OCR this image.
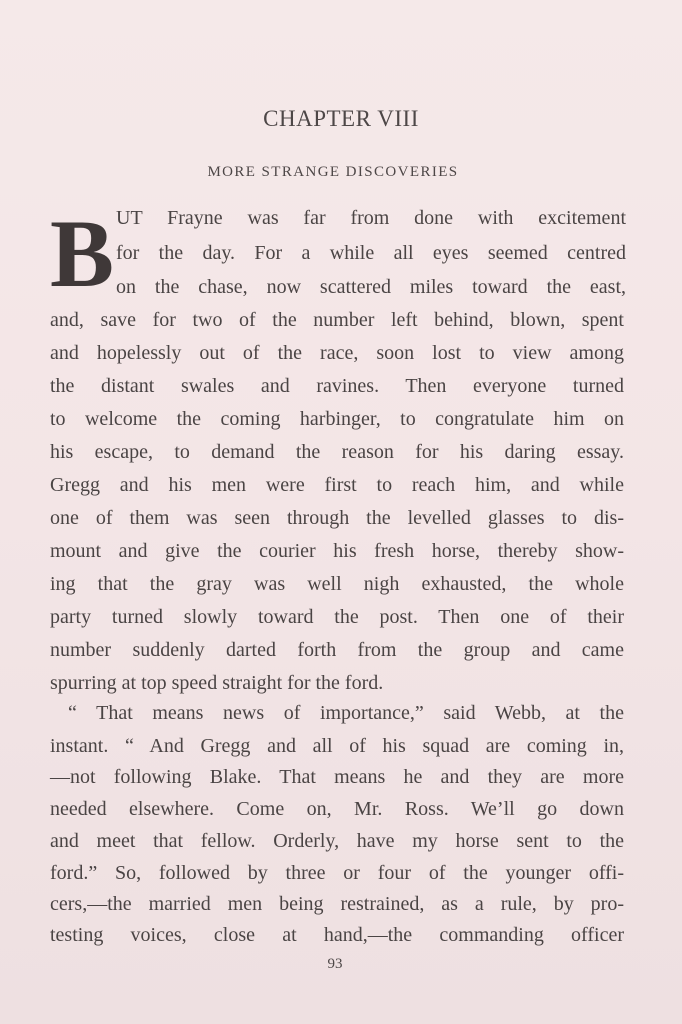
CHAPTER VIII
MORE STRANGE DISCOVERIES
B UT Frayne was far from done with excitement
for the day. For a while all eyes seemed centred
on the chase, now scattered miles toward the east,
and, save for two of the number left behind, blown, spent
and hopelessly out of the race, soon lost to view among
the distant swales and ravines. Then everyone turned
to welcome the coming harbinger, to congratulate him on
his escape, to demand the reason for his daring essay.
Gregg and his men were first to reach him, and while
one of them was seen through the levelled glasses to dis-
mount and give the courier his fresh horse, thereby show-
ing that the gray was well nigh exhausted, the whole
party turned slowly toward the post. Then one of their
number suddenly darted forth from the group and came
spurring at top speed straight for the ford.
“ That means news of importance,” said Webb, at the
instant. “ And Gregg and all of his squad are coming in,
—not following Blake. That means he and they are more
needed elsewhere. Come on, Mr. Ross. We’ll go down
and meet that fellow. Orderly, have my horse sent to the
ford.” So, followed by three or four of the younger offi-
cers,—the married men being restrained, as a rule, by pro-
testing voices, close at hand,—the commanding officer
93
